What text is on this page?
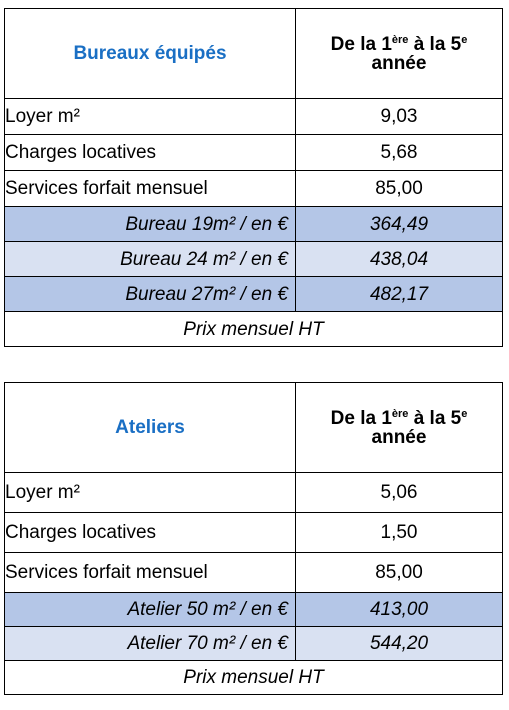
Bureaux équipés	De la 1ère à la 5e
année
Loyer m²	9,03
Charges locatives	5,68
Services forfait mensuel	85,00
Bureau 19m² / en €	364,49
Bureau 24 m² / en €	438,04
Bureau 27m² / en €	482,17
Prix mensuel HT	
Ateliers	De la 1ère à la 5e
année
Loyer m²	5,06
Charges locatives	1,50
Services forfait mensuel	85,00
Atelier 50 m² / en €	413,00
Atelier 70 m² / en €	544,20
Prix mensuel HT	
